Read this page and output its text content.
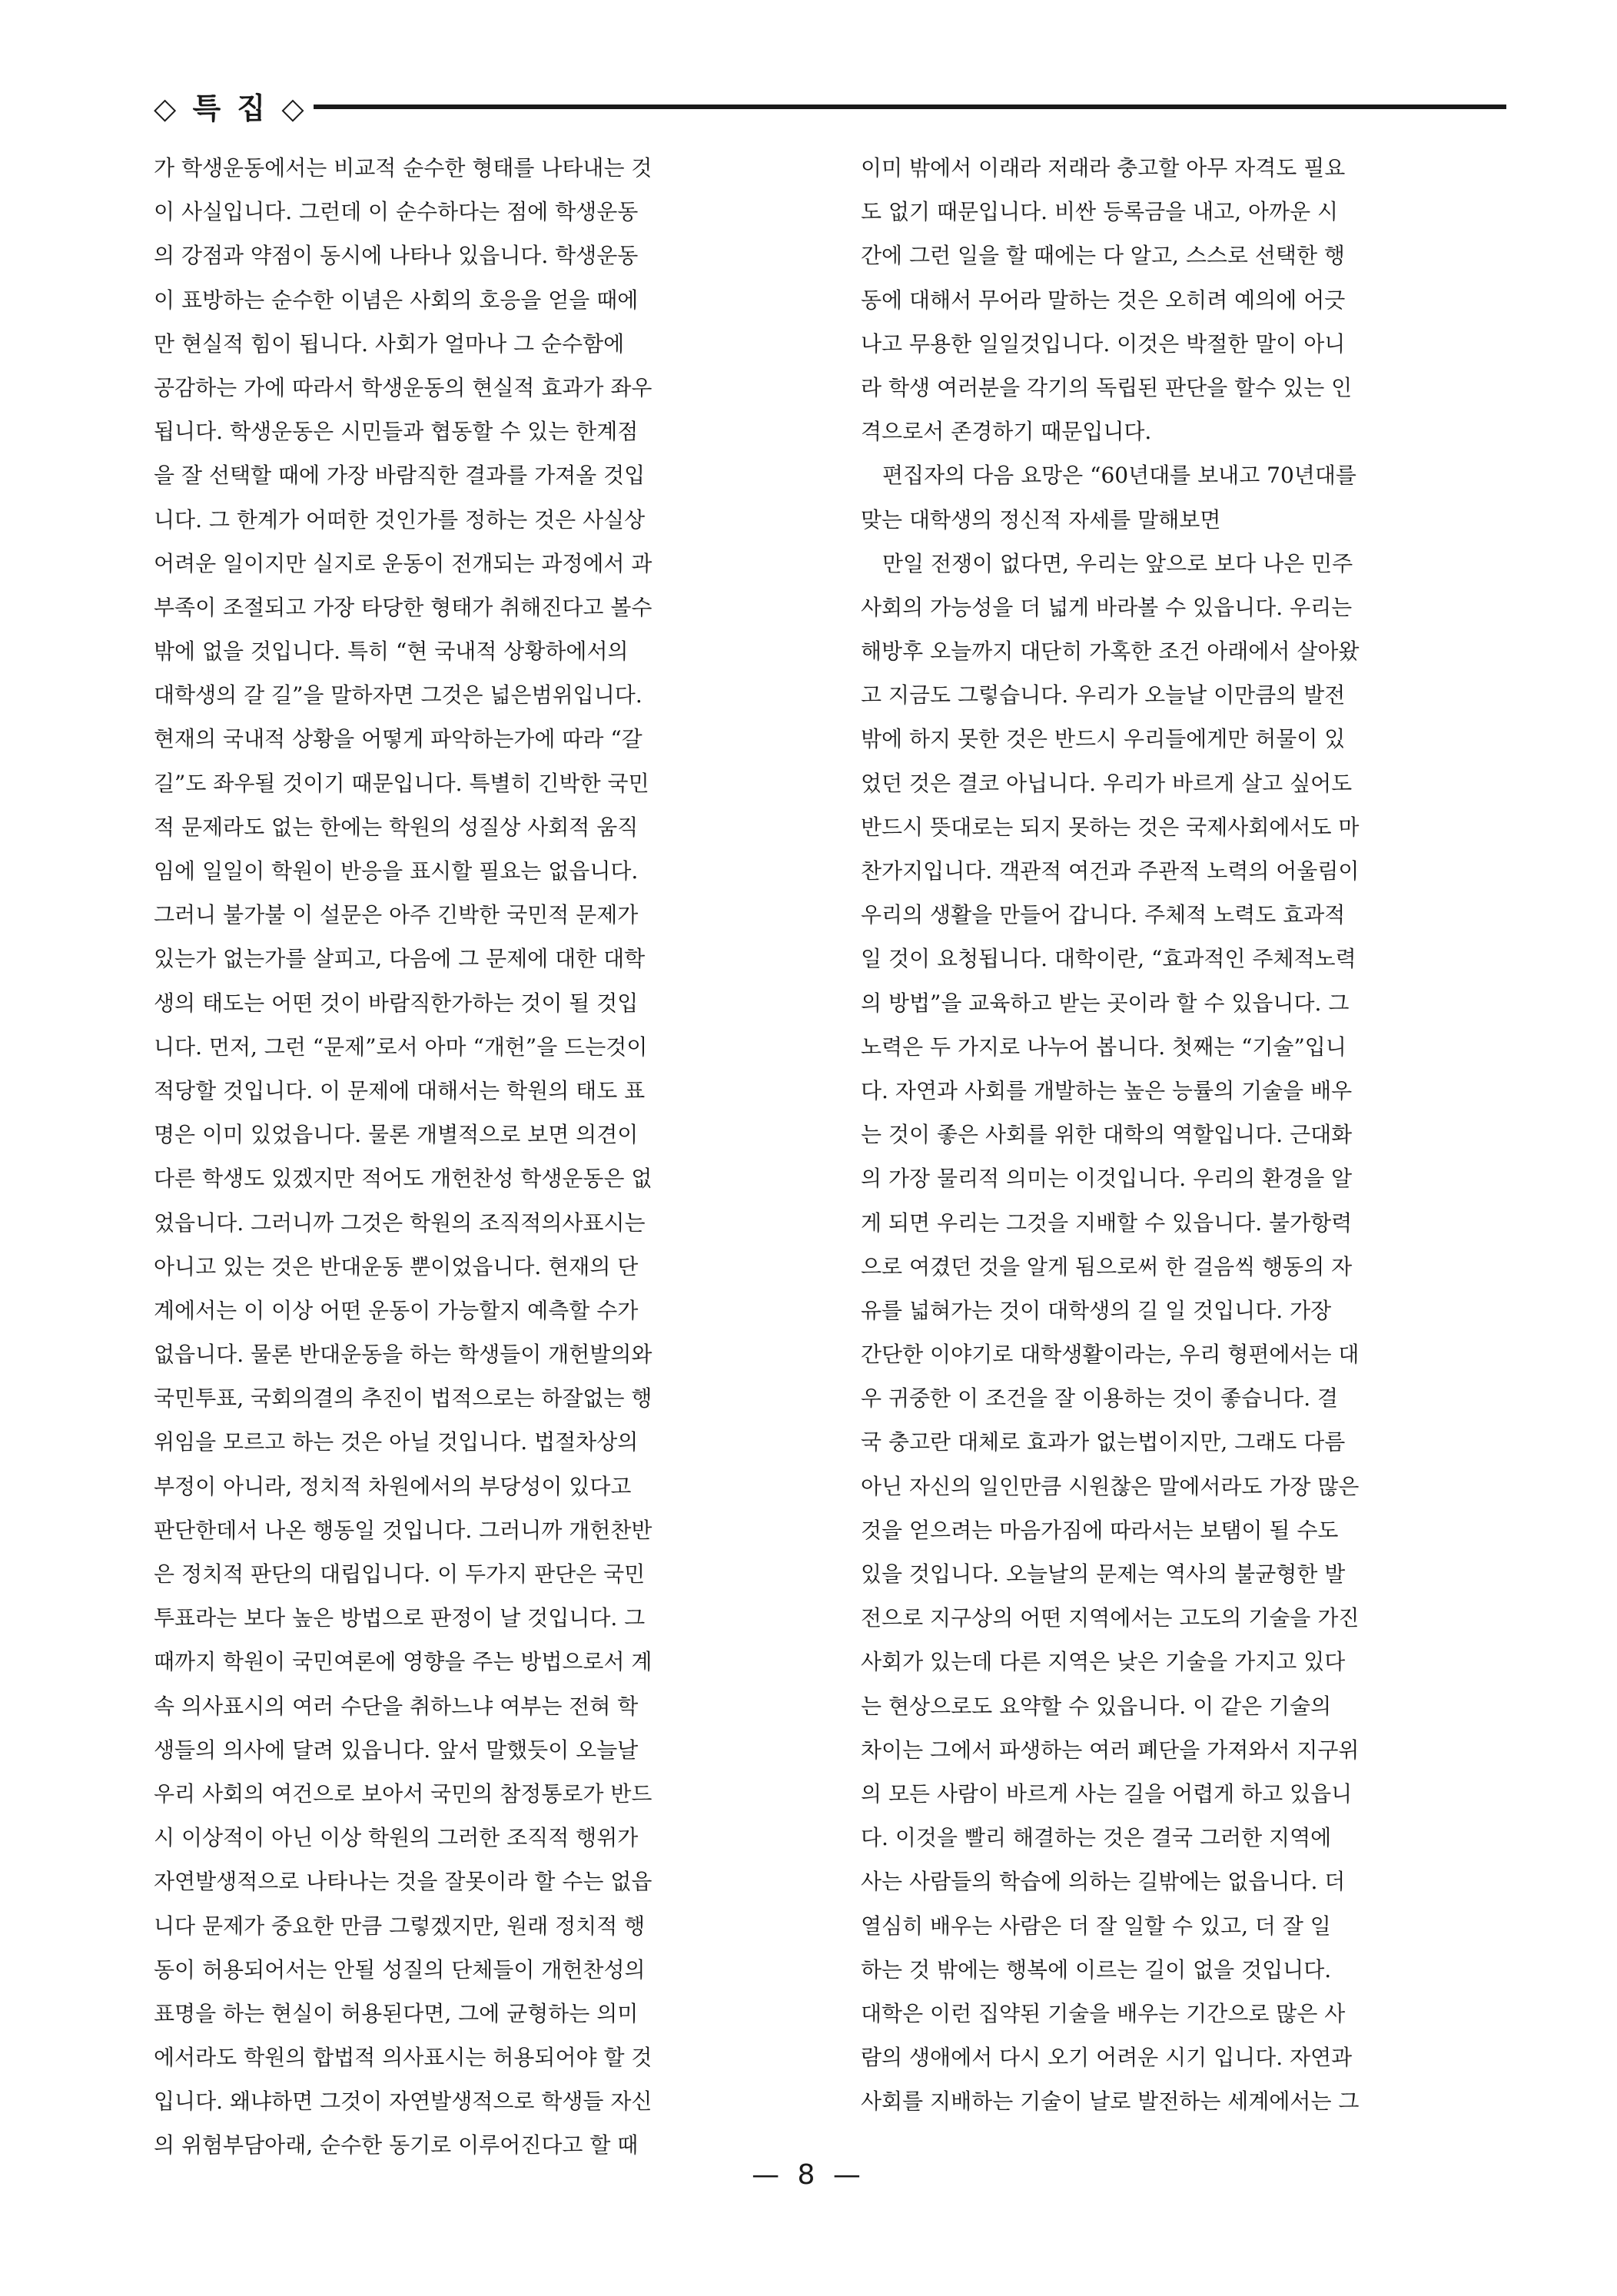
◇ 특 집 ◇
가 학생운동에서는 비교적 순수한 형태를 나타내는 것
이 사실입니다. 그런데 이 순수하다는 점에 학생운동
의 강점과 약점이 동시에 나타나 있읍니다. 학생운동
이 표방하는 순수한 이념은 사회의 호응을 얻을 때에
만 현실적 힘이 됩니다. 사회가 얼마나 그 순수함에
공감하는 가에 따라서 학생운동의 현실적 효과가 좌우
됩니다. 학생운동은 시민들과 협동할 수 있는 한계점
을 잘 선택할 때에 가장 바람직한 결과를 가져올 것입
니다. 그 한계가 어떠한 것인가를 정하는 것은 사실상
어려운 일이지만 실지로 운동이 전개되는 과정에서 과
부족이 조절되고 가장 타당한 형태가 취해진다고 볼수
밖에 없을 것입니다. 특히 “현 국내적 상황하에서의
대학생의 갈 길”을 말하자면 그것은 넓은범위입니다.
현재의 국내적 상황을 어떻게 파악하는가에 따라 “갈
길”도 좌우될 것이기 때문입니다. 특별히 긴박한 국민
적 문제라도 없는 한에는 학원의 성질상 사회적 움직
임에 일일이 학원이 반응을 표시할 필요는 없읍니다.
그러니 불가불 이 설문은 아주 긴박한 국민적 문제가
있는가 없는가를 살피고, 다음에 그 문제에 대한 대학
생의 태도는 어떤 것이 바람직한가하는 것이 될 것입
니다. 먼저, 그런 “문제”로서 아마 “개헌”을 드는것이
적당할 것입니다. 이 문제에 대해서는 학원의 태도 표
명은 이미 있었읍니다. 물론 개별적으로 보면 의견이
다른 학생도 있겠지만 적어도 개헌찬성 학생운동은 없
었읍니다. 그러니까 그것은 학원의 조직적의사표시는
아니고 있는 것은 반대운동 뿐이었읍니다. 현재의 단
계에서는 이 이상 어떤 운동이 가능할지 예측할 수가
없읍니다. 물론 반대운동을 하는 학생들이 개헌발의와
국민투표, 국회의결의 추진이 법적으로는 하잘없는 행
위임을 모르고 하는 것은 아닐 것입니다. 법절차상의
부정이 아니라, 정치적 차원에서의 부당성이 있다고
판단한데서 나온 행동일 것입니다. 그러니까 개헌찬반
은 정치적 판단의 대립입니다. 이 두가지 판단은 국민
투표라는 보다 높은 방법으로 판정이 날 것입니다. 그
때까지 학원이 국민여론에 영향을 주는 방법으로서 계
속 의사표시의 여러 수단을 취하느냐 여부는 전혀 학
생들의 의사에 달려 있읍니다. 앞서 말했듯이 오늘날
우리 사회의 여건으로 보아서 국민의 참정통로가 반드
시 이상적이 아닌 이상 학원의 그러한 조직적 행위가
자연발생적으로 나타나는 것을 잘못이라 할 수는 없읍
니다 문제가 중요한 만큼 그렇겠지만, 원래 정치적 행
동이 허용되어서는 안될 성질의 단체들이 개헌찬성의
표명을 하는 현실이 허용된다면, 그에 균형하는 의미
에서라도 학원의 합법적 의사표시는 허용되어야 할 것
입니다. 왜냐하면 그것이 자연발생적으로 학생들 자신
의 위험부담아래, 순수한 동기로 이루어진다고 할 때
이미 밖에서 이래라 저래라 충고할 아무 자격도 필요
도 없기 때문입니다. 비싼 등록금을 내고, 아까운 시
간에 그런 일을 할 때에는 다 알고, 스스로 선택한 행
동에 대해서 무어라 말하는 것은 오히려 예의에 어긋
나고 무용한 일일것입니다. 이것은 박절한 말이 아니
라 학생 여러분을 각기의 독립된 판단을 할수 있는 인
격으로서 존경하기 때문입니다.
　편집자의 다음 요망은 “60년대를 보내고 70년대를
맞는 대학생의 정신적 자세를 말해보면
　만일 전쟁이 없다면, 우리는 앞으로 보다 나은 민주
사회의 가능성을 더 넓게 바라볼 수 있읍니다. 우리는
해방후 오늘까지 대단히 가혹한 조건 아래에서 살아왔
고 지금도 그렇습니다. 우리가 오늘날 이만큼의 발전
밖에 하지 못한 것은 반드시 우리들에게만 허물이 있
었던 것은 결코 아닙니다. 우리가 바르게 살고 싶어도
반드시 뜻대로는 되지 못하는 것은 국제사회에서도 마
찬가지입니다. 객관적 여건과 주관적 노력의 어울림이
우리의 생활을 만들어 갑니다. 주체적 노력도 효과적
일 것이 요청됩니다. 대학이란, “효과적인 주체적노력
의 방법”을 교육하고 받는 곳이라 할 수 있읍니다. 그
노력은 두 가지로 나누어 봅니다. 첫째는 “기술”입니
다. 자연과 사회를 개발하는 높은 능률의 기술을 배우
는 것이 좋은 사회를 위한 대학의 역할입니다. 근대화
의 가장 물리적 의미는 이것입니다. 우리의 환경을 알
게 되면 우리는 그것을 지배할 수 있읍니다. 불가항력
으로 여겼던 것을 알게 됨으로써 한 걸음씩 행동의 자
유를 넓혀가는 것이 대학생의 길 일 것입니다. 가장
간단한 이야기로 대학생활이라는, 우리 형편에서는 대
우 귀중한 이 조건을 잘 이용하는 것이 좋습니다. 결
국 충고란 대체로 효과가 없는법이지만, 그래도 다름
아닌 자신의 일인만큼 시원찮은 말에서라도 가장 많은
것을 얻으려는 마음가짐에 따라서는 보탬이 될 수도
있을 것입니다. 오늘날의 문제는 역사의 불균형한 발
전으로 지구상의 어떤 지역에서는 고도의 기술을 가진
사회가 있는데 다른 지역은 낮은 기술을 가지고 있다
는 현상으로도 요약할 수 있읍니다. 이 같은 기술의
차이는 그에서 파생하는 여러 폐단을 가져와서 지구위
의 모든 사람이 바르게 사는 길을 어렵게 하고 있읍니
다. 이것을 빨리 해결하는 것은 결국 그러한 지역에
사는 사람들의 학습에 의하는 길밖에는 없읍니다. 더
열심히 배우는 사람은 더 잘 일할 수 있고, 더 잘 일
하는 것 밖에는 행복에 이르는 길이 없을 것입니다.
대학은 이런 집약된 기술을 배우는 기간으로 많은 사
람의 생애에서 다시 오기 어려운 시기 입니다. 자연과
사회를 지배하는 기술이 날로 발전하는 세계에서는 그
— 8 —
